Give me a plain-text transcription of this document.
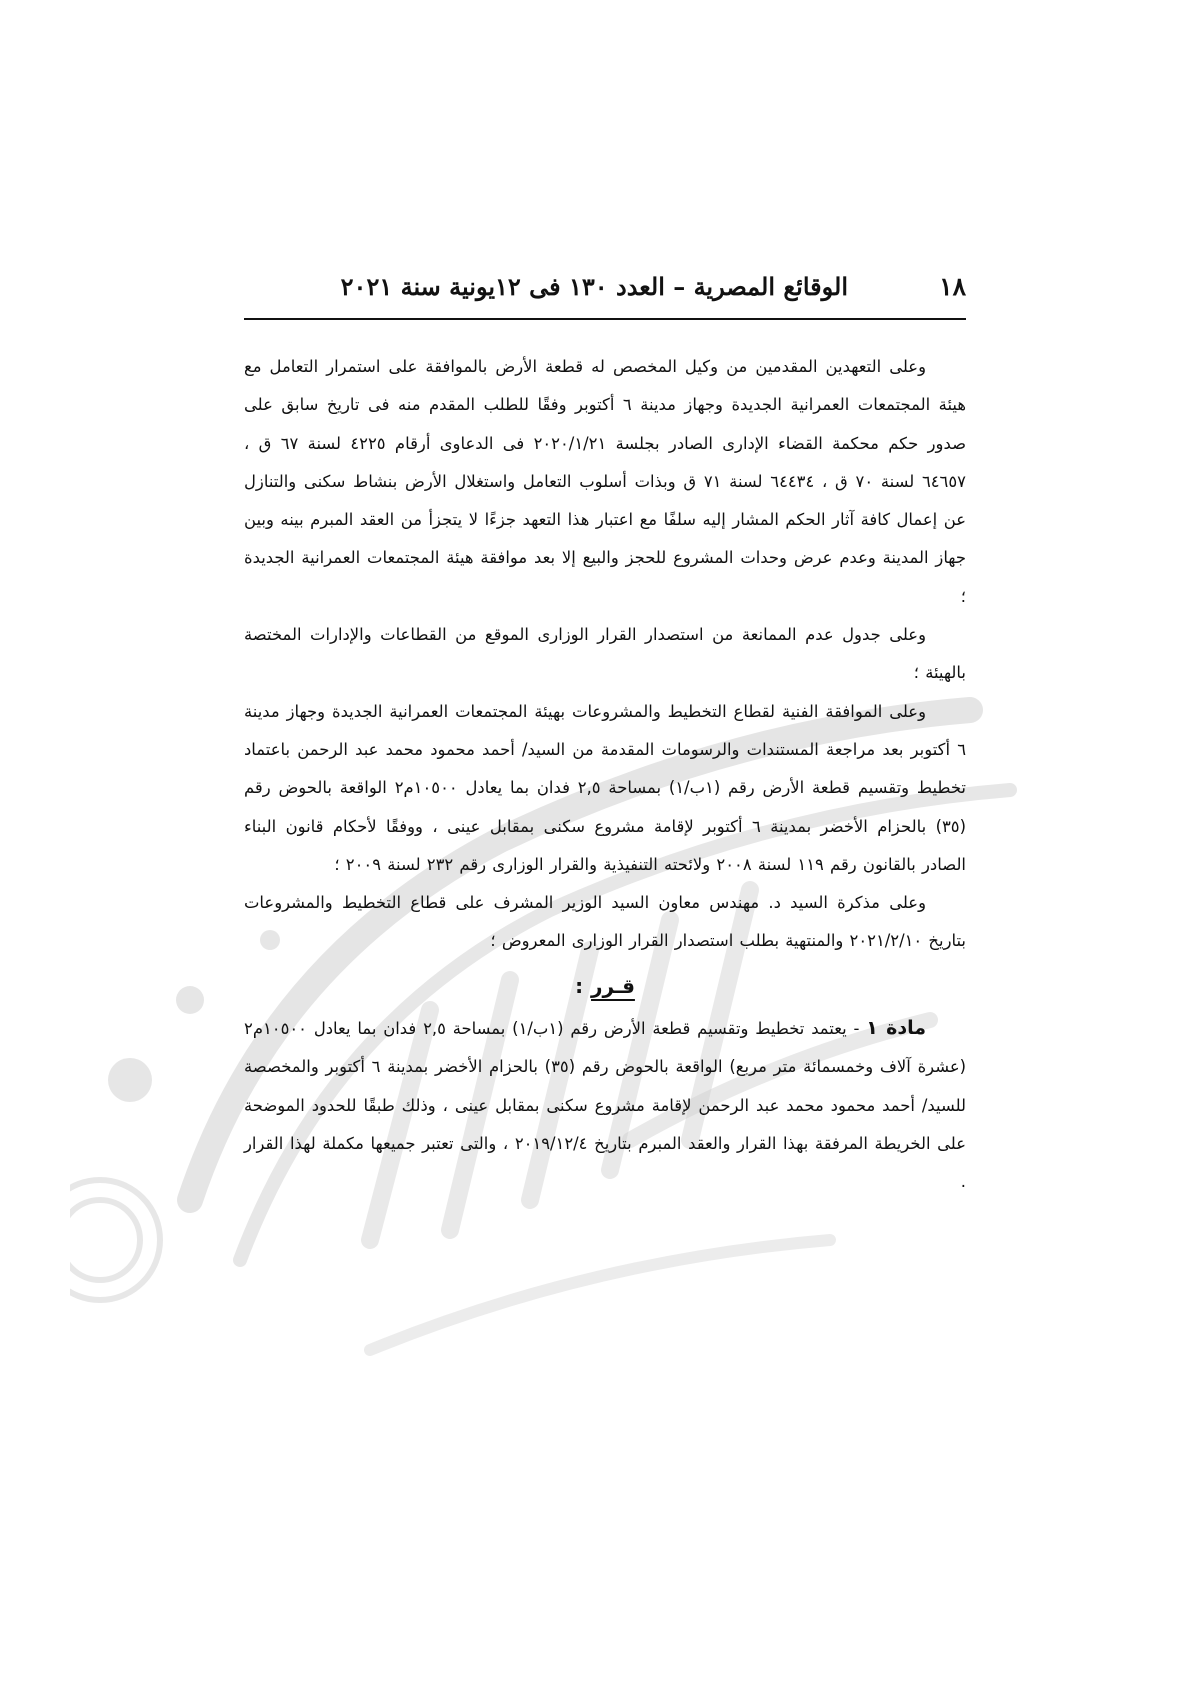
١٨
الوقائع المصرية – العدد ١٣٠ فى ١٢يونية سنة ٢٠٢١

وعلى التعهدين المقدمين من وكيل المخصص له قطعة الأرض بالموافقة على استمرار التعامل مع هيئة المجتمعات العمرانية الجديدة وجهاز مدينة ٦ أكتوبر وفقًا للطلب المقدم منه فى تاريخ سابق على صدور حكم محكمة القضاء الإدارى الصادر بجلسة ٢٠٢٠/١/٢١ فى الدعاوى أرقام ٤٢٢٥ لسنة ٦٧ ق ، ٦٤٦٥٧ لسنة ٧٠ ق ، ٦٤٤٣٤ لسنة ٧١ ق وبذات أسلوب التعامل واستغلال الأرض بنشاط سكنى والتنازل عن إعمال كافة آثار الحكم المشار إليه سلفًا مع اعتبار هذا التعهد جزءًا لا يتجزأ من العقد المبرم بينه وبين جهاز المدينة وعدم عرض وحدات المشروع للحجز والبيع إلا بعد موافقة هيئة المجتمعات العمرانية الجديدة ؛

وعلى جدول عدم الممانعة من استصدار القرار الوزارى الموقع من القطاعات والإدارات المختصة بالهيئة ؛

وعلى الموافقة الفنية لقطاع التخطيط والمشروعات بهيئة المجتمعات العمرانية الجديدة وجهاز مدينة ٦ أكتوبر بعد مراجعة المستندات والرسومات المقدمة من السيد/ أحمد محمود محمد عبد الرحمن باعتماد تخطيط وتقسيم قطعة الأرض رقم (١ب/١) بمساحة ٢,٥ فدان بما يعادل ١٠٥٠٠م٢ الواقعة بالحوض رقم (٣٥) بالحزام الأخضر بمدينة ٦ أكتوبر لإقامة مشروع سكنى بمقابل عينى ، ووفقًا لأحكام قانون البناء الصادر بالقانون رقم ١١٩ لسنة ٢٠٠٨ ولائحته التنفيذية والقرار الوزارى رقم ٢٣٢ لسنة ٢٠٠٩ ؛

وعلى مذكرة السيد د. مهندس معاون السيد الوزير المشرف على قطاع التخطيط والمشروعات بتاريخ ٢٠٢١/٢/١٠ والمنتهية بطلب استصدار القرار الوزارى المعروض ؛

قـرر :

مادة ١ - يعتمد تخطيط وتقسيم قطعة الأرض رقم (١ب/١) بمساحة ٢,٥ فدان بما يعادل ١٠٥٠٠م٢ (عشرة آلاف وخمسمائة متر مربع) الواقعة بالحوض رقم (٣٥) بالحزام الأخضر بمدينة ٦ أكتوبر والمخصصة للسيد/ أحمد محمود محمد عبد الرحمن لإقامة مشروع سكنى بمقابل عينى ، وذلك طبقًا للحدود الموضحة على الخريطة المرفقة بهذا القرار والعقد المبرم بتاريخ ٢٠١٩/١٢/٤ ، والتى تعتبر جميعها مكملة لهذا القرار .
